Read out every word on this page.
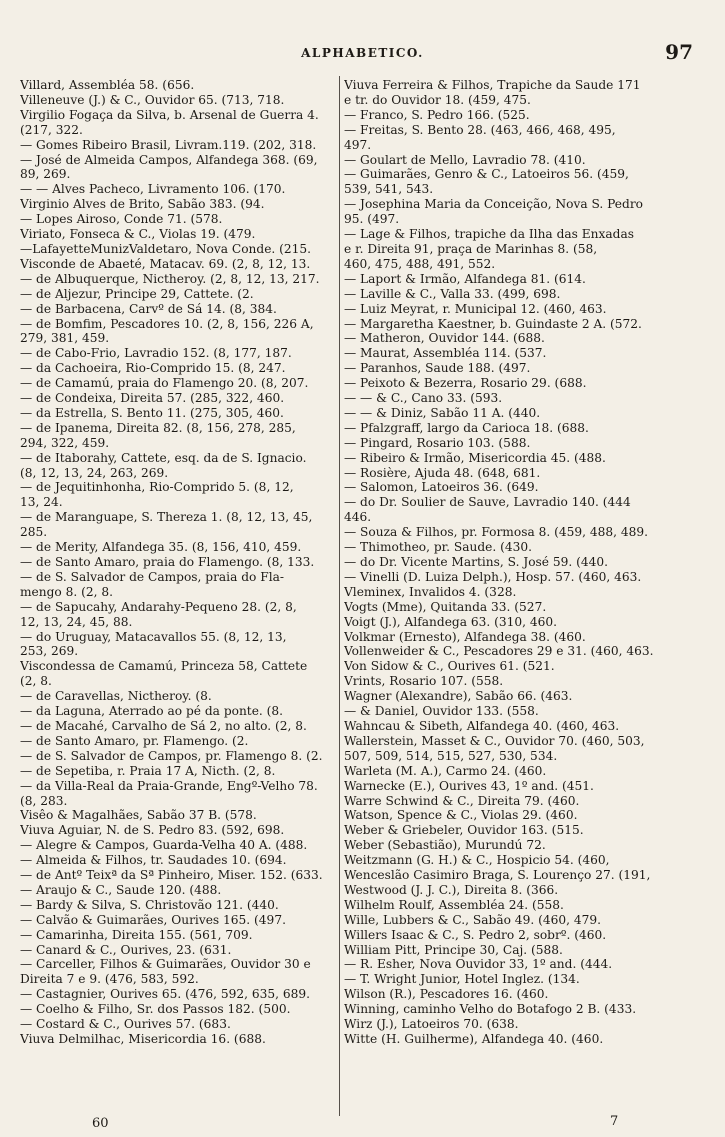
ALPHABETICO.	97
Villard, Assembléa 58. (656.
Villeneuve (J.) & C., Ouvidor 65. (713, 718.
Virgilio Fogaça da Silva, b. Arsenal de Guerra 4.
(217, 322.
— Gomes Ribeiro Brasil, Livram.119. (202, 318.
— José de Almeida Campos, Alfandega 368. (69,
89, 269.
— — Alves Pacheco, Livramento 106. (170.
Virginio Alves de Brito, Sabão 383. (94.
— Lopes Airoso, Conde 71. (578.
Viriato, Fonseca & C., Violas 19. (479.
—LafayetteMunizValdetaro, Nova Conde. (215.
Visconde de Abaeté, Matacav. 69. (2, 8, 12, 13.
— de Albuquerque, Nictheroy. (2, 8, 12, 13, 217.
— de Aljezur, Principe 29, Cattete. (2.
— de Barbacena, Carvº de Sá 14. (8, 384.
— de Bomfim, Pescadores 10. (2, 8, 156, 226 A,
279, 381, 459.
— de Cabo-Frio, Lavradio 152. (8, 177, 187.
— da Cachoeira, Rio-Comprido 15. (8, 247.
— de Camamú, praia do Flamengo 20. (8, 207.
— de Condeixa, Direita 57. (285, 322, 460.
— da Estrella, S. Bento 11. (275, 305, 460.
— de Ipanema, Direita 82. (8, 156, 278, 285,
294, 322, 459.
— de Itaborahy, Cattete, esq. da de S. Ignacio.
(8, 12, 13, 24, 263, 269.
— de Jequitinhonha, Rio-Comprido 5. (8, 12,
13, 24.
— de Maranguape, S. Thereza 1. (8, 12, 13, 45,
285.
— de Merity, Alfandega 35. (8, 156, 410, 459.
— de Santo Amaro, praia do Flamengo. (8, 133.
— de S. Salvador de Campos, praia do Fla-
mengo 8. (2, 8.
— de Sapucahy, Andarahy-Pequeno 28. (2, 8,
12, 13, 24, 45, 88.
— do Uruguay, Matacavallos 55. (8, 12, 13,
253, 269.
Viscondessa de Camamú, Princeza 58, Cattete
(2, 8.
— de Caravellas, Nictheroy. (8.
— da Laguna, Aterrado ao pé da ponte. (8.
— de Macahé, Carvalho de Sá 2, no alto. (2, 8.
— de Santo Amaro, pr. Flamengo. (2.
— de S. Salvador de Campos, pr. Flamengo 8. (2.
— de Sepetiba, r. Praia 17 A, Nicth. (2, 8.
— da Villa-Real da Praia-Grande, Engº-Velho 78.
(8, 283.
Visêo & Magalhães, Sabão 37 B. (578.
Viuva Aguiar, N. de S. Pedro 83. (592, 698.
— Alegre & Campos, Guarda-Velha 40 A. (488.
— Almeida & Filhos, tr. Saudades 10. (694.
— de Antº Teixª da Sª Pinheiro, Miser. 152. (633.
— Araujo & C., Saude 120. (488.
— Bardy & Silva, S. Christovão 121. (440.
— Calvão & Guimarães, Ourives 165. (497.
— Camarinha, Direita 155. (561, 709.
— Canard & C., Ourives, 23. (631.
— Carceller, Filhos & Guimarães, Ouvidor 30 e
Direita 7 e 9. (476, 583, 592.
— Castagnier, Ourives 65. (476, 592, 635, 689.
— Coelho & Filho, Sr. dos Passos 182. (500.
— Costard & C., Ourives 57. (683.
Viuva Delmilhac, Misericordia 16. (688.
Viuva Ferreira & Filhos, Trapiche da Saude 171
e tr. do Ouvidor 18. (459, 475.
— Franco, S. Pedro 166. (525.
— Freitas, S. Bento 28. (463, 466, 468, 495,
497.
— Goulart de Mello, Lavradio 78. (410.
— Guimarães, Genro & C., Latoeiros 56. (459,
539, 541, 543.
— Josephina Maria da Conceição, Nova S. Pedro
95. (497.
— Lage & Filhos, trapiche da Ilha das Enxadas
e r. Direita 91, praça de Marinhas 8. (58,
460, 475, 488, 491, 552.
— Laport & Irmão, Alfandega 81. (614.
— Laville & C., Valla 33. (499, 698.
— Luiz Meyrat, r. Municipal 12. (460, 463.
— Margaretha Kaestner, b. Guindaste 2 A. (572.
— Matheron, Ouvidor 144. (688.
— Maurat, Assembléa 114. (537.
— Paranhos, Saude 188. (497.
— Peixoto & Bezerra, Rosario 29. (688.
— — & C., Cano 33. (593.
— — & Diniz, Sabão 11 A. (440.
— Pfalzgraff, largo da Carioca 18. (688.
— Pingard, Rosario 103. (588.
— Ribeiro & Irmão, Misericordia 45. (488.
— Rosière, Ajuda 48. (648, 681.
— Salomon, Latoeiros 36. (649.
— do Dr. Soulier de Sauve, Lavradio 140. (444
446.
— Souza & Filhos, pr. Formosa 8. (459, 488, 489.
— Thimotheo, pr. Saude. (430.
— do Dr. Vicente Martins, S. José 59. (440.
— Vinelli (D. Luiza Delph.), Hosp. 57. (460, 463.
Vleminex, Invalidos 4. (328.
Vogts (Mme), Quitanda 33. (527.
Voigt (J.), Alfandega 63. (310, 460.
Volkmar (Ernesto), Alfandega 38. (460.
Vollenweider & C., Pescadores 29 e 31. (460, 463.
Von Sidow & C., Ourives 61. (521.
Vrints, Rosario 107. (558.
Wagner (Alexandre), Sabão 66. (463.
— & Daniel, Ouvidor 133. (558.
Wahncau & Sibeth, Alfandega 40. (460, 463.
Wallerstein, Masset & C., Ouvidor 70. (460, 503,
507, 509, 514, 515, 527, 530, 534.
Warleta (M. A.), Carmo 24. (460.
Warnecke (E.), Ourives 43, 1º and. (451.
Warre Schwind & C., Direita 79. (460.
Watson, Spence & C., Violas 29. (460.
Weber & Griebeler, Ouvidor 163. (515.
Weber (Sebastião), Murundú 72.
Weitzmann (G. H.) & C., Hospicio 54. (460,
Wenceslão Casimiro Braga, S. Lourenço 27. (191,
Westwood (J. J. C.), Direita 8. (366.
Wilhelm Roulf, Assembléa 24. (558.
Wille, Lubbers & C., Sabão 49. (460, 479.
Willers Isaac & C., S. Pedro 2, sobrº. (460.
William Pitt, Principe 30, Caj. (588.
— R. Esher, Nova Ouvidor 33, 1º and. (444.
— T. Wright Junior, Hotel Inglez. (134.
Wilson (R.), Pescadores 16. (460.
Winning, caminho Velho do Botafogo 2 B. (433.
Wirz (J.), Latoeiros 70. (638.
Witte (H. Guilherme), Alfandega 40. (460.
60	7
